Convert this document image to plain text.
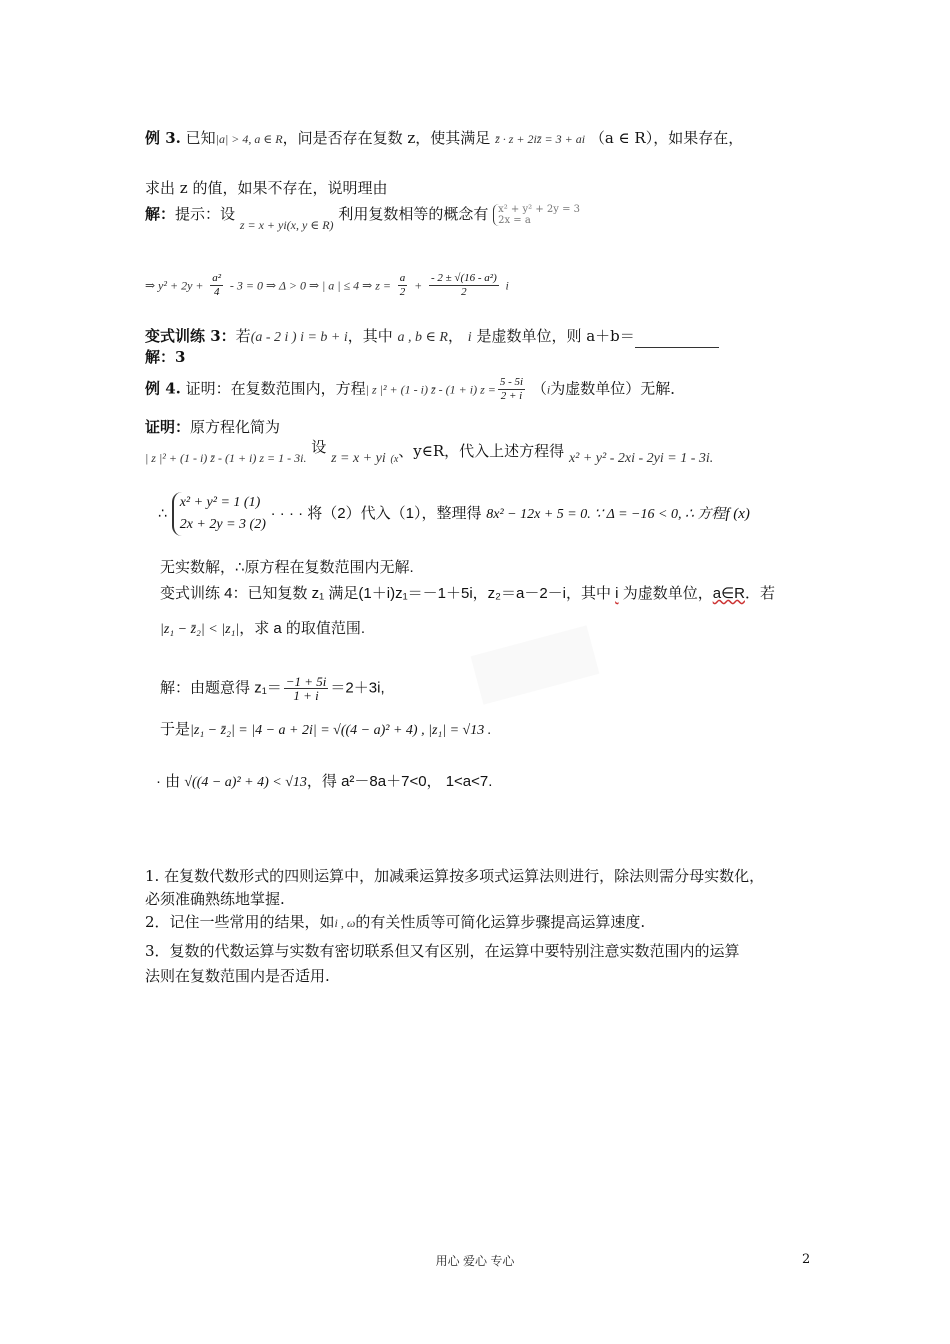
例 3. 已知|a| > 4, a ∈ R，问是否存在复数 z，使其满足 z̄ · z + 2iz̄ = 3 + ai （a ∈ R），如果存在，
求出 z 的值，如果不存在，说明理由
解：提示：设 $_{z = x + yi(x, y \in R)}$ 利用复数相等的概念有 x² + y² + 2y = 3
2x = a
⇒ $y^2 + 2y + \frac{\text{a²}}{4} - 3 = 0$ ⇒ Δ > 0 ⇒ | a | ≤ 4 ⇒ $z = \frac{a}{2} + \frac{\text{- 2 ± √(16 - a²)}}{2}$ i
变式训练 3：若(a - 2 i ) i = b + i，其中 a , b ∈ R， i 是虚数单位，则 a＋b＝
解：3
例 4. 证明：在复数范围内，方程| z |² + (1 - i) z̄ - (1 + i) $z = \frac{5 - 5i}{2 + i} (i$为虚数单位）无解．
证明：原方程化简为
| z |² + (1 - i) z̄ - (1 + i) z = 1 - 3i. 设 z = x + yi (x、y∈R，代入上述方程得 x² + y² - 2xi - 2yi = 1 - 3i.
∴
x² + y² = 1 (1)
2x + 2y = 3 (2)
· · · · 将（2）代入（1），整理得 8x² − 12x + 5 = 0. ∵ Δ = −16 < 0, ∴ 方程f (x)
无实数解，∴原方程在复数范围内无解.
变式训练 4：已知复数 z₁ 满足(1＋i)z₁＝－1＋5i，z₂＝a－2－i，其中 i 为虚数单位，a∈R．若
|z₁ − z̄₂| < |z₁|，求 a 的取值范围.
解：由题意得 $z_1= \frac{-1 + 5i}{1 + i} =2+3i$,
于是|z₁ − z̄₂| = |4 − a + 2i| = √((4 − a)² + 4) , |z₁| = √13 .
· 由 √((4 − a)² + 4) < √13，得 a²－8a＋7<0， 1<a<7.
1. 在复数代数形式的四则运算中，加减乘运算按多项式运算法则进行，除法则需分母实数化，
必须准确熟练地掌握.
2．记住一些常用的结果，如i , ω的有关性质等可简化运算步骤提高运算速度.
3．复数的代数运算与实数有密切联系但又有区别，在运算中要特别注意实数范围内的运算
法则在复数范围内是否适用.
用心 爱心 专心	2
